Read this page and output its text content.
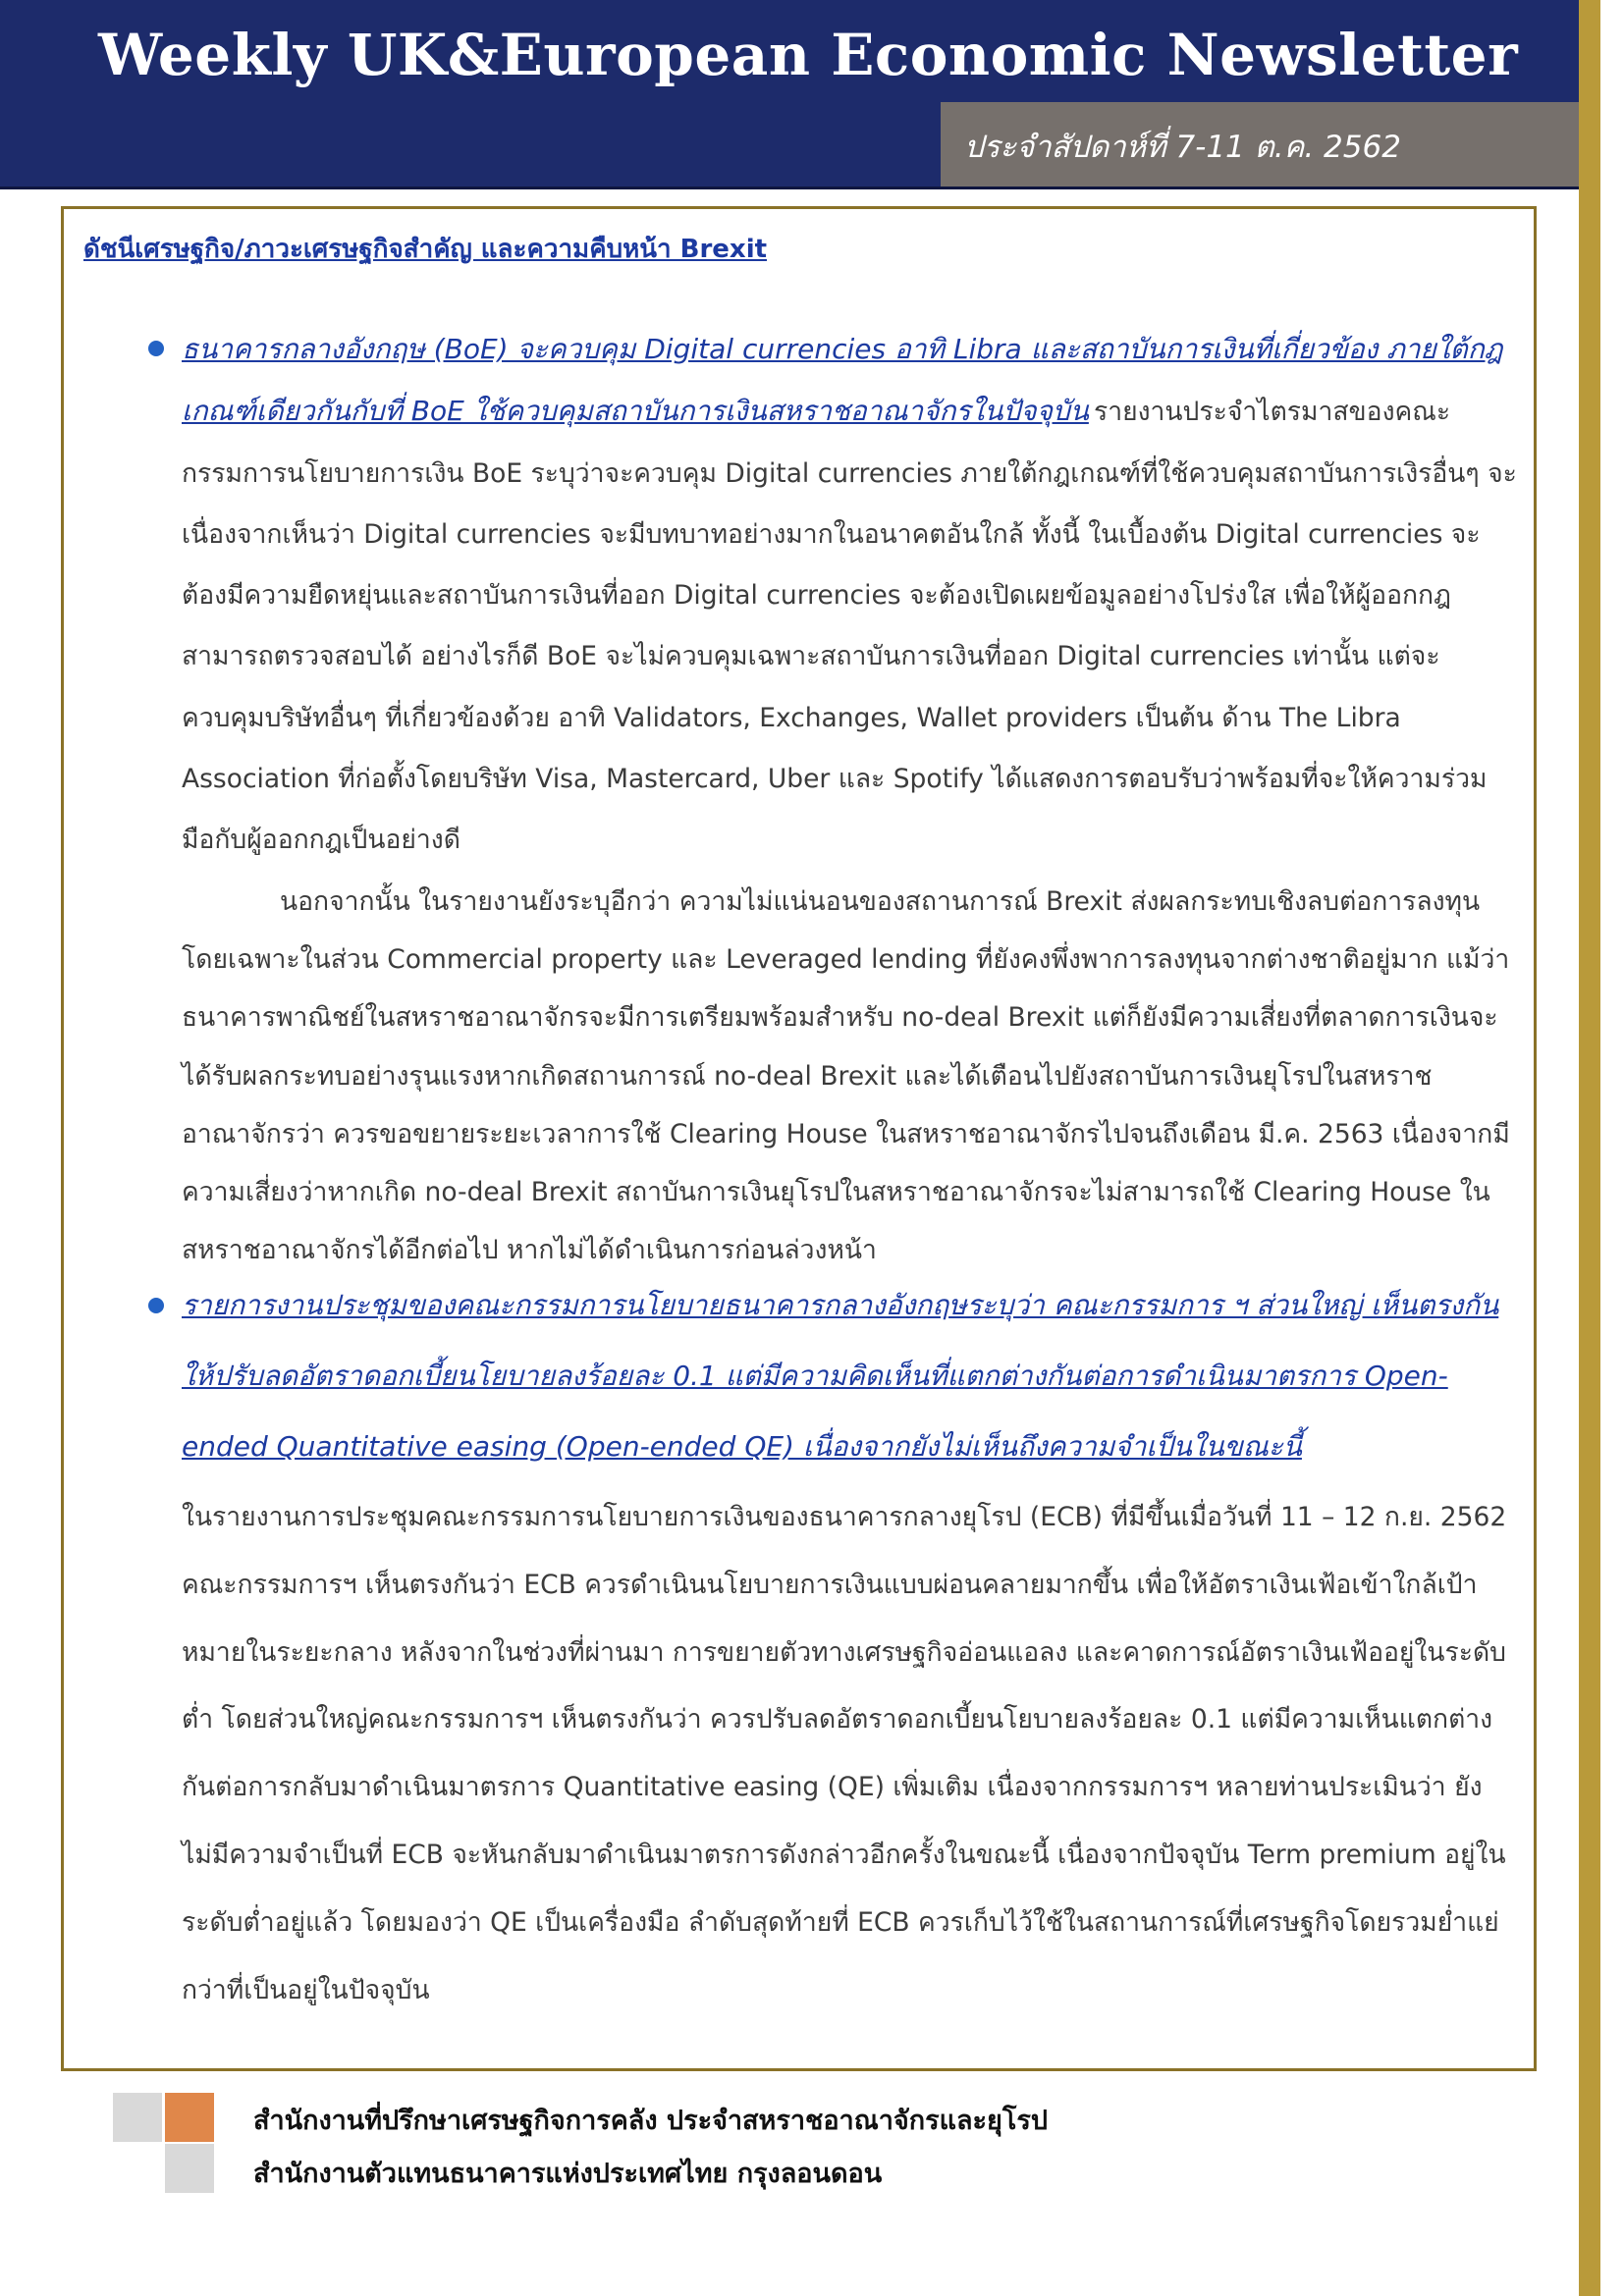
Weekly UK&European Economic Newsletter
ประจำสัปดาห์ที่ 7-11 ต.ค. 2562
ดัชนีเศรษฐกิจ/ภาวะเศรษฐกิจสำคัญ และความคืบหน้า Brexit

ธนาคารกลางอังกฤษ (BoE) จะควบคุม Digital currencies อาทิ Libra และสถาบันการเงินที่เกี่ยวข้อง ภายใต้กฎเกณฑ์เดียวกันกับที่ BoE ใช้ควบคุมสถาบันการเงินสหราชอาณาจักรในปัจจุบัน รายงานประจำไตรมาสของคณะกรรมการนโยบายการเงิน BoE ระบุว่าจะควบคุม Digital currencies ภายใต้กฎเกณฑ์ที่ใช้ควบคุมสถาบันการเงิรอื่นๆ จะเนื่องจากเห็นว่า Digital currencies จะมีบทบาทอย่างมากในอนาคตอันใกล้ ทั้งนี้ ในเบื้องต้น Digital currencies จะต้องมีความยืดหยุ่นและสถาบันการเงินที่ออก Digital currencies จะต้องเปิดเผยข้อมูลอย่างโปร่งใส เพื่อให้ผู้ออกกฎสามารถตรวจสอบได้ อย่างไรก็ดี BoE จะไม่ควบคุมเฉพาะสถาบันการเงินที่ออก Digital currencies เท่านั้น แต่จะควบคุมบริษัทอื่นๆ ที่เกี่ยวข้องด้วย อาทิ Validators, Exchanges, Wallet providers เป็นต้น ด้าน The Libra Association ที่ก่อตั้งโดยบริษัท Visa, Mastercard, Uber และ Spotify ได้แสดงการตอบรับว่าพร้อมที่จะให้ความร่วมมือกับผู้ออกกฎเป็นอย่างดี

นอกจากนั้น ในรายงานยังระบุอีกว่า ความไม่แน่นอนของสถานการณ์ Brexit ส่งผลกระทบเชิงลบต่อการลงทุน โดยเฉพาะในส่วน Commercial property และ Leveraged lending ที่ยังคงพึ่งพาการลงทุนจากต่างชาติอยู่มาก แม้ว่าธนาคารพาณิชย์ในสหราชอาณาจักรจะมีการเตรียมพร้อมสำหรับ no-deal Brexit แต่ก็ยังมีความเสี่ยงที่ตลาดการเงินจะได้รับผลกระทบอย่างรุนแรงหากเกิดสถานการณ์ no-deal Brexit และได้เตือนไปยังสถาบันการเงินยุโรปในสหราชอาณาจักรว่า ควรขอขยายระยะเวลาการใช้ Clearing House ในสหราชอาณาจักรไปจนถึงเดือน มี.ค. 2563 เนื่องจากมีความเสี่ยงว่าหากเกิด no-deal Brexit สถาบันการเงินยุโรปในสหราชอาณาจักรจะไม่สามารถใช้ Clearing House ในสหราชอาณาจักรได้อีกต่อไป หากไม่ได้ดำเนินการก่อนล่วงหน้า

รายการงานประชุมของคณะกรรมการนโยบายธนาคารกลางอังกฤษระบุว่า คณะกรรมการ ฯ ส่วนใหญ่ เห็นตรงกันให้ปรับลดอัตราดอกเบี้ยนโยบายลงร้อยละ 0.1 แต่มีความคิดเห็นที่แตกต่างกันต่อการดำเนินมาตรการ Open-ended Quantitative easing (Open-ended QE) เนื่องจากยังไม่เห็นถึงความจำเป็นในขณะนี้

ในรายงานการประชุมคณะกรรมการนโยบายการเงินของธนาคารกลางยุโรป (ECB) ที่มีขึ้นเมื่อวันที่ 11 – 12 ก.ย. 2562 คณะกรรมการฯ เห็นตรงกันว่า ECB ควรดำเนินนโยบายการเงินแบบผ่อนคลายมากขึ้น เพื่อให้อัตราเงินเฟ้อเข้าใกล้เป้าหมายในระยะกลาง หลังจากในช่วงที่ผ่านมา การขยายตัวทางเศรษฐกิจอ่อนแอลง และคาดการณ์อัตราเงินเฟ้ออยู่ในระดับต่ำ โดยส่วนใหญ่คณะกรรมการฯ เห็นตรงกันว่า ควรปรับลดอัตราดอกเบี้ยนโยบายลงร้อยละ 0.1 แต่มีความเห็นแตกต่างกันต่อการกลับมาดำเนินมาตรการ Quantitative easing (QE) เพิ่มเติม เนื่องจากกรรมการฯ หลายท่านประเมินว่า ยังไม่มีความจำเป็นที่ ECB จะหันกลับมาดำเนินมาตรการดังกล่าวอีกครั้งในขณะนี้ เนื่องจากปัจจุบัน Term premium อยู่ในระดับต่ำอยู่แล้ว โดยมองว่า QE เป็นเครื่องมือ ลำดับสุดท้ายที่ ECB ควรเก็บไว้ใช้ในสถานการณ์ที่เศรษฐกิจโดยรวมย่ำแย่กว่าที่เป็นอยู่ในปัจจุบัน

สำนักงานที่ปรึกษาเศรษฐกิจการคลัง ประจำสหราชอาณาจักรและยุโรป
สำนักงานตัวแทนธนาคารแห่งประเทศไทย กรุงลอนดอน
